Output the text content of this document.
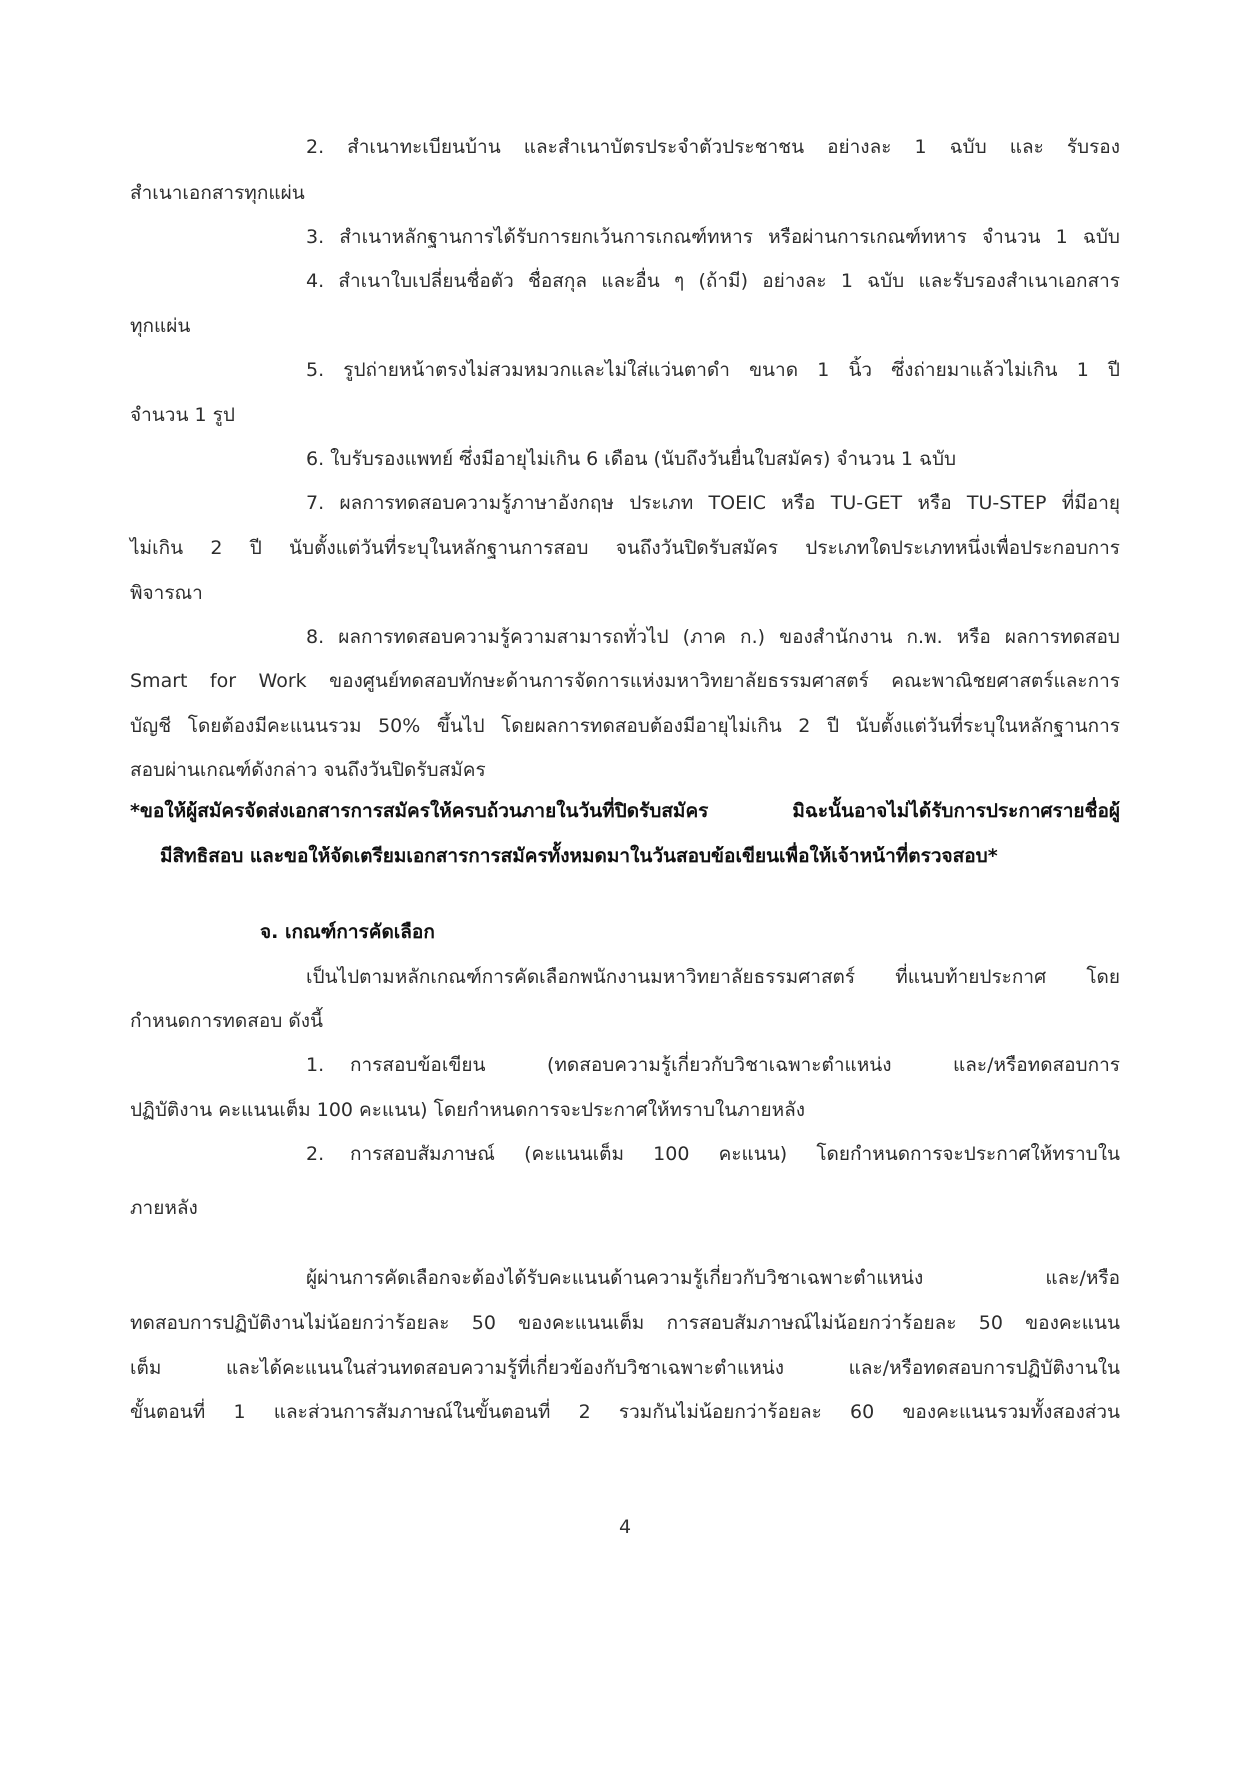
2. สำเนาทะเบียนบ้าน และสำเนาบัตรประจำตัวประชาชน อย่างละ 1 ฉบับ และ รับรอง
สำเนาเอกสารทุกแผ่น
3. สำเนาหลักฐานการได้รับการยกเว้นการเกณฑ์ทหาร หรือผ่านการเกณฑ์ทหาร จำนวน 1 ฉบับ
4. สำเนาใบเปลี่ยนชื่อตัว ชื่อสกุล และอื่น ๆ (ถ้ามี) อย่างละ 1 ฉบับ และรับรองสำเนาเอกสาร
ทุกแผ่น
5. รูปถ่ายหน้าตรงไม่สวมหมวกและไม่ใส่แว่นตาดำ ขนาด 1 นิ้ว ซึ่งถ่ายมาแล้วไม่เกิน 1 ปี
จำนวน 1 รูป
6. ใบรับรองแพทย์ ซึ่งมีอายุไม่เกิน 6 เดือน (นับถึงวันยื่นใบสมัคร) จำนวน 1 ฉบับ
7. ผลการทดสอบความรู้ภาษาอังกฤษ ประเภท TOEIC หรือ TU-GET หรือ TU-STEP ที่มีอายุ
ไม่เกิน 2 ปี นับตั้งแต่วันที่ระบุในหลักฐานการสอบ จนถึงวันปิดรับสมัคร ประเภทใดประเภทหนึ่งเพื่อประกอบการ
พิจารณา
8. ผลการทดสอบความรู้ความสามารถทั่วไป (ภาค ก.) ของสำนักงาน ก.พ. หรือ ผลการทดสอบ
Smart for Work ของศูนย์ทดสอบทักษะด้านการจัดการแห่งมหาวิทยาลัยธรรมศาสตร์ คณะพาณิชยศาสตร์และการ
บัญชี โดยต้องมีคะแนนรวม 50% ขึ้นไป โดยผลการทดสอบต้องมีอายุไม่เกิน 2 ปี นับตั้งแต่วันที่ระบุในหลักฐานการ
สอบผ่านเกณฑ์ดังกล่าว จนถึงวันปิดรับสมัคร
*ขอให้ผู้สมัครจัดส่งเอกสารการสมัครให้ครบถ้วนภายในวันที่ปิดรับสมัคร มิฉะนั้นอาจไม่ได้รับการประกาศรายชื่อผู้
มีสิทธิสอบ และขอให้จัดเตรียมเอกสารการสมัครทั้งหมดมาในวันสอบข้อเขียนเพื่อให้เจ้าหน้าที่ตรวจสอบ*
จ. เกณฑ์การคัดเลือก
เป็นไปตามหลักเกณฑ์การคัดเลือกพนักงานมหาวิทยาลัยธรรมศาสตร์ ที่แนบท้ายประกาศ โดย
กำหนดการทดสอบ ดังนี้
1. การสอบข้อเขียน (ทดสอบความรู้เกี่ยวกับวิชาเฉพาะตำแหน่ง และ/หรือทดสอบการ
ปฏิบัติงาน คะแนนเต็ม 100 คะแนน) โดยกำหนดการจะประกาศให้ทราบในภายหลัง
2. การสอบสัมภาษณ์ (คะแนนเต็ม 100 คะแนน) โดยกำหนดการจะประกาศให้ทราบใน
ภายหลัง
ผู้ผ่านการคัดเลือกจะต้องได้รับคะแนนด้านความรู้เกี่ยวกับวิชาเฉพาะตำแหน่ง และ/หรือ
ทดสอบการปฏิบัติงานไม่น้อยกว่าร้อยละ 50 ของคะแนนเต็ม การสอบสัมภาษณ์ไม่น้อยกว่าร้อยละ 50 ของคะแนน
เต็ม และได้คะแนนในส่วนทดสอบความรู้ที่เกี่ยวข้องกับวิชาเฉพาะตำแหน่ง และ/หรือทดสอบการปฏิบัติงานใน
ขั้นตอนที่ 1 และส่วนการสัมภาษณ์ในขั้นตอนที่ 2 รวมกันไม่น้อยกว่าร้อยละ 60 ของคะแนนรวมทั้งสองส่วน
4
